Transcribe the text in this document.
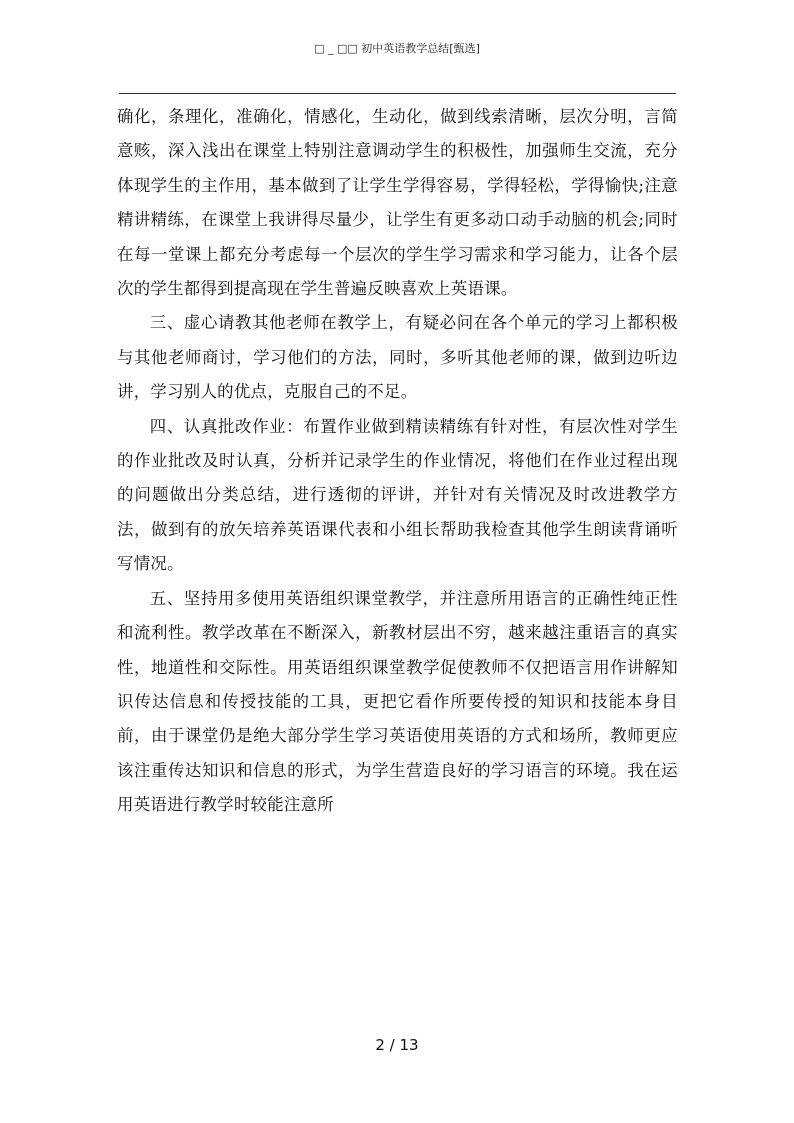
□ _ □□ 初中英语教学总结[甄选]

确化，条理化，准确化，情感化，生动化，做到线索清晰，层次分明，言简意赅，深入浅出在课堂上特别注意调动学生的积极性，加强师生交流，充分体现学生的主作用，基本做到了让学生学得容易，学得轻松，学得愉快;注意精讲精练，在课堂上我讲得尽量少，让学生有更多动口动手动脑的机会;同时在每一堂课上都充分考虑每一个层次的学生学习需求和学习能力，让各个层次的学生都得到提高现在学生普遍反映喜欢上英语课。

三、虚心请教其他老师在教学上，有疑必问在各个单元的学习上都积极与其他老师商讨，学习他们的方法，同时，多听其他老师的课，做到边听边讲，学习别人的优点，克服自己的不足。

四、认真批改作业：布置作业做到精读精练有针对性，有层次性对学生的作业批改及时认真，分析并记录学生的作业情况，将他们在作业过程出现的问题做出分类总结，进行透彻的评讲，并针对有关情况及时改进教学方法，做到有的放矢培养英语课代表和小组长帮助我检查其他学生朗读背诵听写情况。

五、坚持用多使用英语组织课堂教学，并注意所用语言的正确性纯正性和流利性。教学改革在不断深入，新教材层出不穷，越来越注重语言的真实性，地道性和交际性。用英语组织课堂教学促使教师不仅把语言用作讲解知识传达信息和传授技能的工具，更把它看作所要传授的知识和技能本身目前，由于课堂仍是绝大部分学生学习英语使用英语的方式和场所，教师更应该注重传达知识和信息的形式，为学生营造良好的学习语言的环境。我在运用英语进行教学时较能注意所

2 / 13
